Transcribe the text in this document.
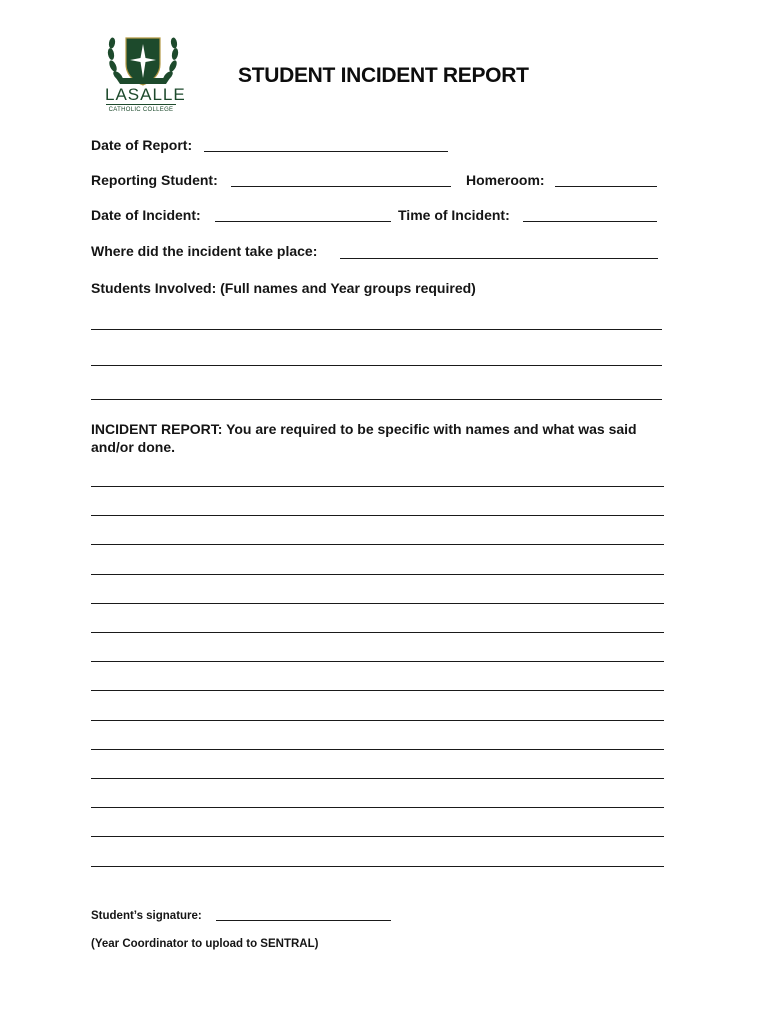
LASALLE
CATHOLIC COLLEGE
STUDENT INCIDENT REPORT
Date of Report:
Reporting Student:	Homeroom:
Date of Incident:	Time of Incident:
Where did the incident take place:
Students Involved: (Full names and Year groups required)
INCIDENT REPORT: You are required to be specific with names and what was said and/or done.
Student’s signature:
(Year Coordinator to upload to SENTRAL)
